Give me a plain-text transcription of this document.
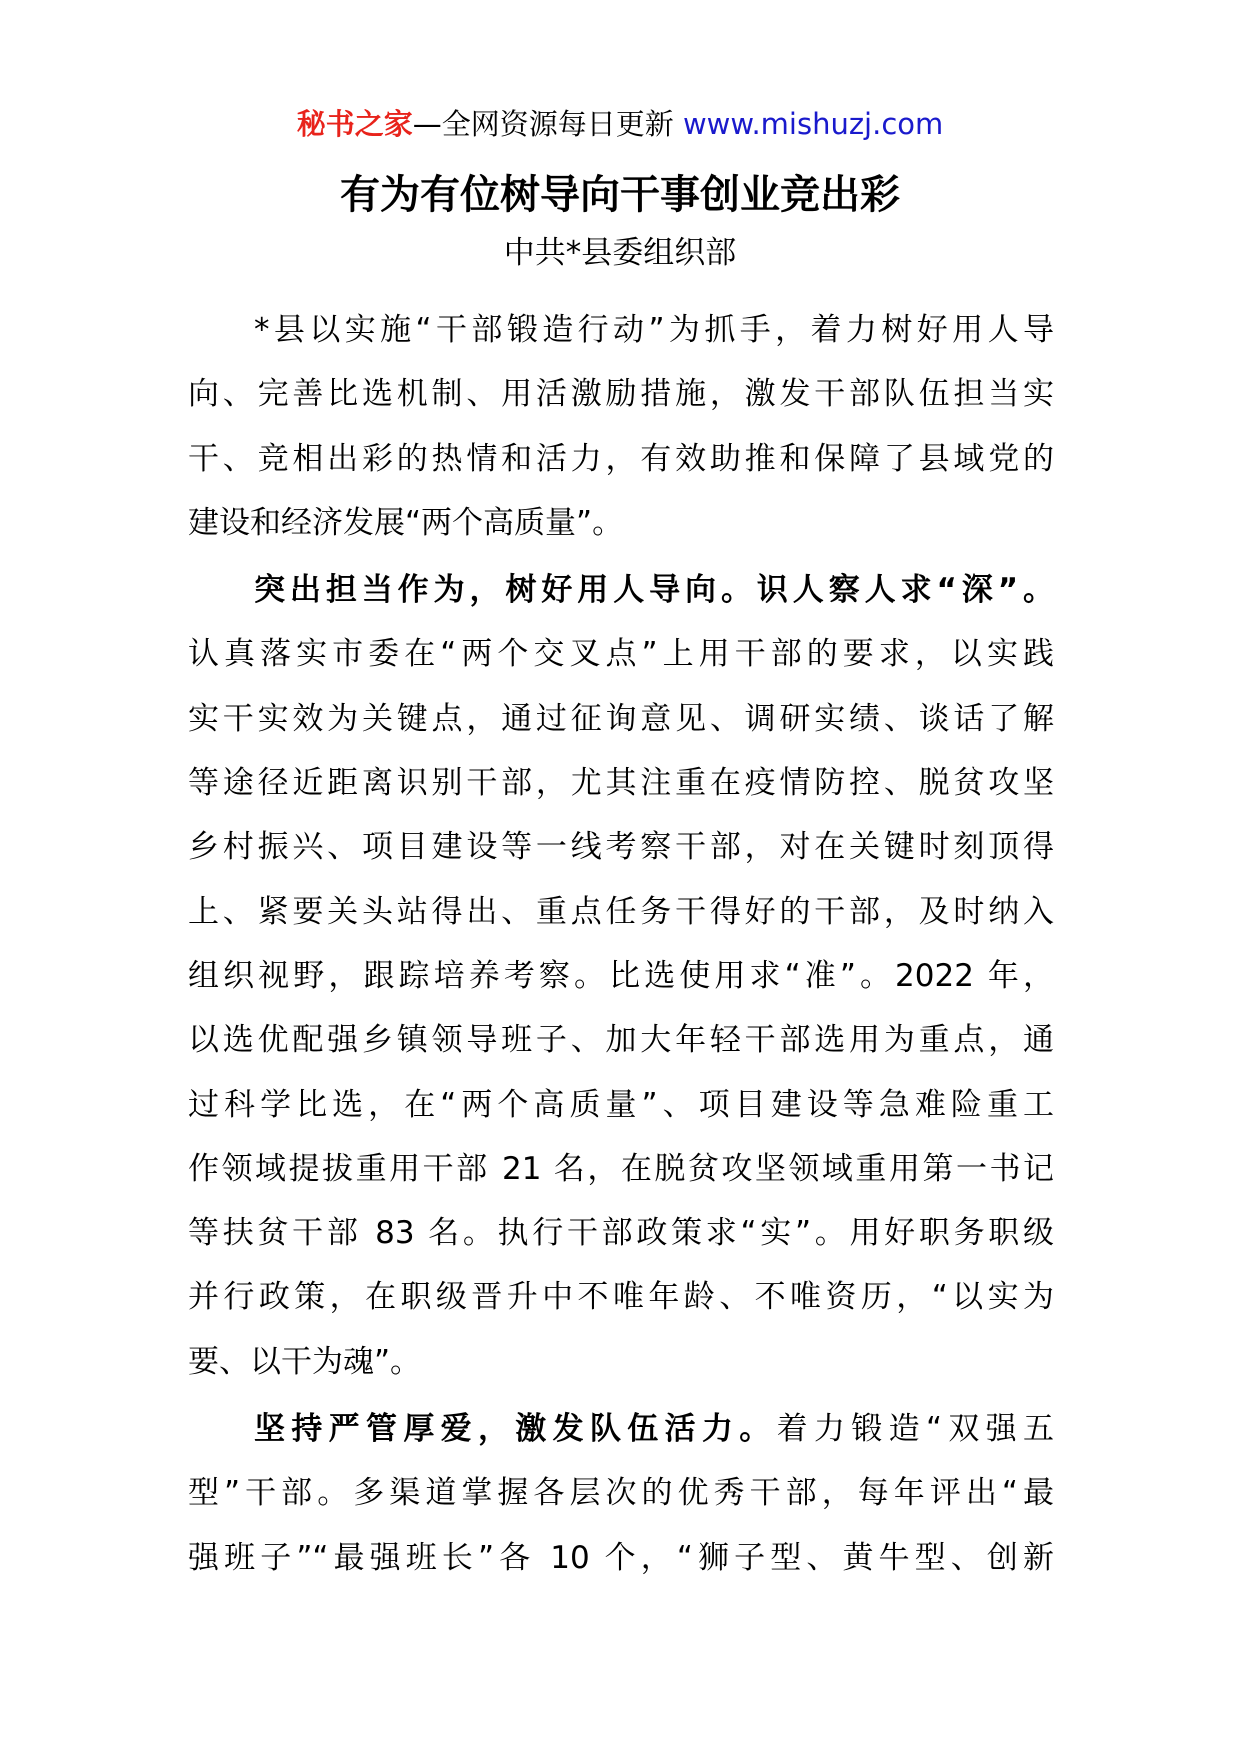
秘书之家—全网资源每日更新 www.mishuzj.com
有为有位树导向干事创业竞出彩
中共*县委组织部
*县以实施“干部锻造行动”为抓手，着力树好用人导
向、完善比选机制、用活激励措施，激发干部队伍担当实
干、竞相出彩的热情和活力，有效助推和保障了县域党的
建设和经济发展“两个高质量”。
突出担当作为，树好用人导向。识人察人求“深”。
认真落实市委在“两个交叉点”上用干部的要求，以实践
实干实效为关键点，通过征询意见、调研实绩、谈话了解
等途径近距离识别干部，尤其注重在疫情防控、脱贫攻坚
乡村振兴、项目建设等一线考察干部，对在关键时刻顶得
上、紧要关头站得出、重点任务干得好的干部，及时纳入
组织视野，跟踪培养考察。比选使用求“准”。2022 年，
以选优配强乡镇领导班子、加大年轻干部选用为重点，通
过科学比选，在“两个高质量”、项目建设等急难险重工
作领域提拔重用干部 21 名，在脱贫攻坚领域重用第一书记
等扶贫干部 83 名。执行干部政策求“实”。用好职务职级
并行政策，在职级晋升中不唯年龄、不唯资历，“以实为
要、以干为魂”。
坚持严管厚爱，激发队伍活力。着力锻造“双强五
型”干部。多渠道掌握各层次的优秀干部，每年评出“最
强班子”“最强班长”各 10 个，“狮子型、黄牛型、创新
